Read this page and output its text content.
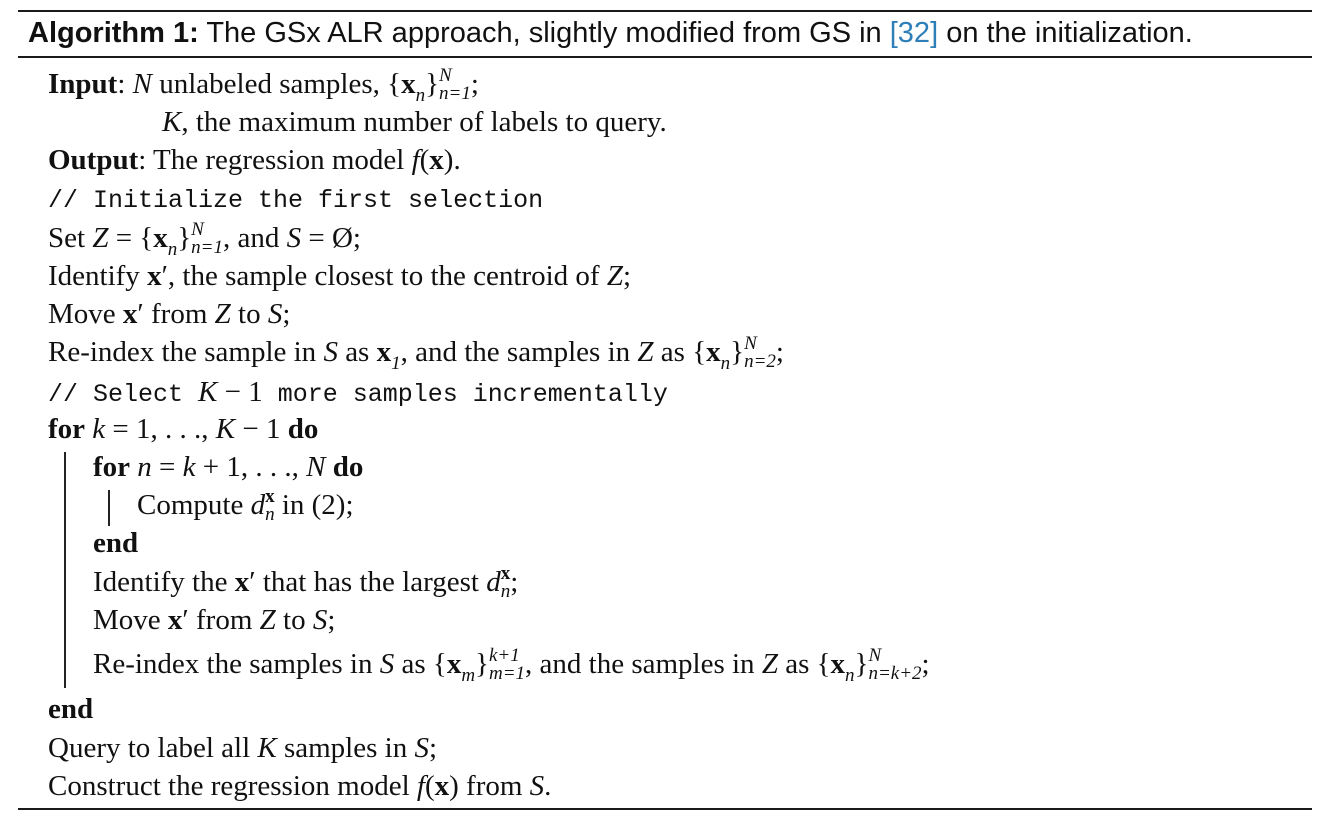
Algorithm 1: The GSx ALR approach, slightly modified from GS in [32] on the initialization.
Input: N unlabeled samples, $\{x_n\}$ N
n=1 ;
K, the maximum number of labels to query.
Output: The regression model f(x).
// Initialize the first selection
Set $Z = \{x_n\}$ N
n=1 , and S = Ø;
Identify x′, the sample closest to the centroid of Z;
Move x′ from Z to S;
Re-index the sample in S as $x_1$, and the samples in Z as $\{x_n\}$ N
n=2 ;
// Select K − 1 more samples incrementally
for k = 1, . . ., K − 1 do
for n = k + 1, . . ., N do
Compute d x
n in (2);
end
Identify the x′ that has the largest d x
n ;
Move x′ from Z to S;
Re-index the samples in S as $\{x_m\}$ k+1
m=1 , and the samples in Z as $\{x_n\}$ N
n=k+2 ;
end
Query to label all K samples in S;
Construct the regression model f(x) from S.
